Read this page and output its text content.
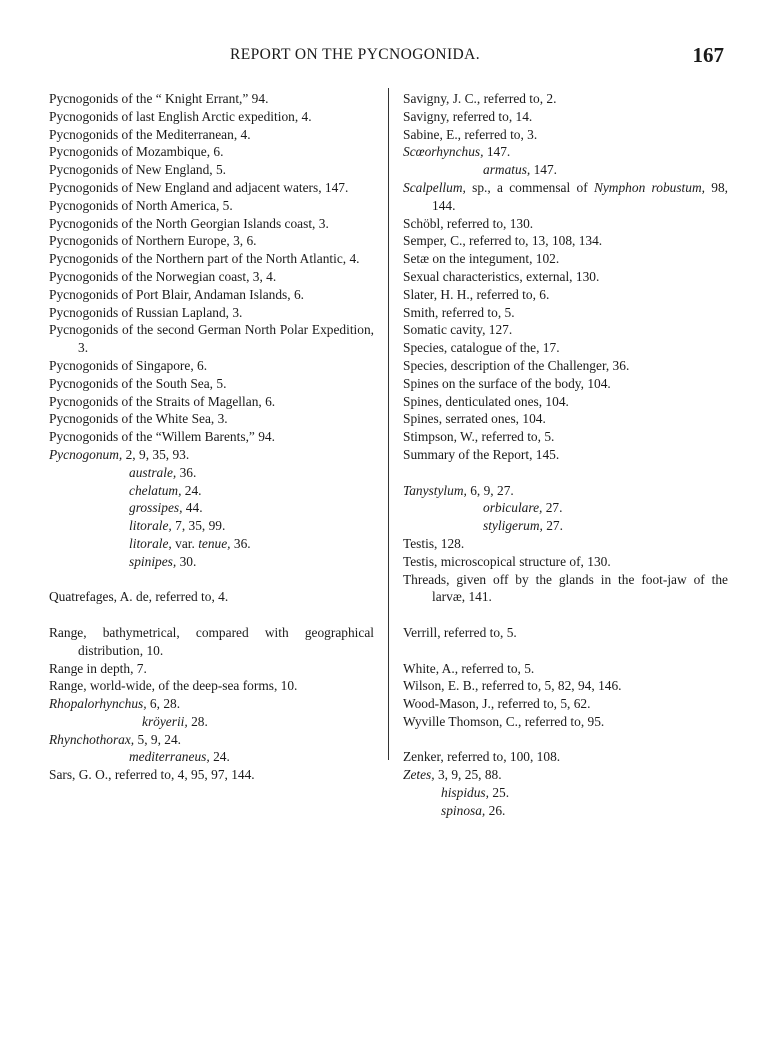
REPORT ON THE PYCNOGONIDA.	167
Pycnogonids of the “ Knight Errant,” 94.
Pycnogonids of last English Arctic expedition, 4.
Pycnogonids of the Mediterranean, 4.
Pycnogonids of Mozambique, 6.
Pycnogonids of New England, 5.
Pycnogonids of New England and adjacent waters, 147.
Pycnogonids of North America, 5.
Pycnogonids of the North Georgian Islands coast, 3.
Pycnogonids of Northern Europe, 3, 6.
Pycnogonids of the Northern part of the North Atlantic, 4.
Pycnogonids of the Norwegian coast, 3, 4.
Pycnogonids of Port Blair, Andaman Islands, 6.
Pycnogonids of Russian Lapland, 3.
Pycnogonids of the second German North Polar Expedition, 3.
Pycnogonids of Singapore, 6.
Pycnogonids of the South Sea, 5.
Pycnogonids of the Straits of Magellan, 6.
Pycnogonids of the White Sea, 3.
Pycnogonids of the “Willem Barents,” 94.
Pycnogonum, 2, 9, 35, 93.
australe, 36.
chelatum, 24.
grossipes, 44.
litorale, 7, 35, 99.
litorale, var. tenue, 36.
spinipes, 30.
Quatrefages, A. de, referred to, 4.
Range, bathymetrical, compared with geographical distribution, 10.
Range in depth, 7.
Range, world-wide, of the deep-sea forms, 10.
Rhopalorhynchus, 6, 28.
kröyerii, 28.
Rhynchothorax, 5, 9, 24.
mediterraneus, 24.
Sars, G. O., referred to, 4, 95, 97, 144.
Savigny, J. C., referred to, 2.
Savigny, referred to, 14.
Sabine, E., referred to, 3.
Scœorhynchus, 147.
armatus, 147.
Scalpellum, sp., a commensal of Nymphon robustum, 98, 144.
Schöbl, referred to, 130.
Semper, C., referred to, 13, 108, 134.
Setæ on the integument, 102.
Sexual characteristics, external, 130.
Slater, H. H., referred to, 6.
Smith, referred to, 5.
Somatic cavity, 127.
Species, catalogue of the, 17.
Species, description of the Challenger, 36.
Spines on the surface of the body, 104.
Spines, denticulated ones, 104.
Spines, serrated ones, 104.
Stimpson, W., referred to, 5.
Summary of the Report, 145.
Tanystylum, 6, 9, 27.
orbiculare, 27.
styligerum, 27.
Testis, 128.
Testis, microscopical structure of, 130.
Threads, given off by the glands in the foot-jaw of the larvæ, 141.
Verrill, referred to, 5.
White, A., referred to, 5.
Wilson, E. B., referred to, 5, 82, 94, 146.
Wood-Mason, J., referred to, 5, 62.
Wyville Thomson, C., referred to, 95.
Zenker, referred to, 100, 108.
Zetes, 3, 9, 25, 88.
hispidus, 25.
spinosa, 26.
